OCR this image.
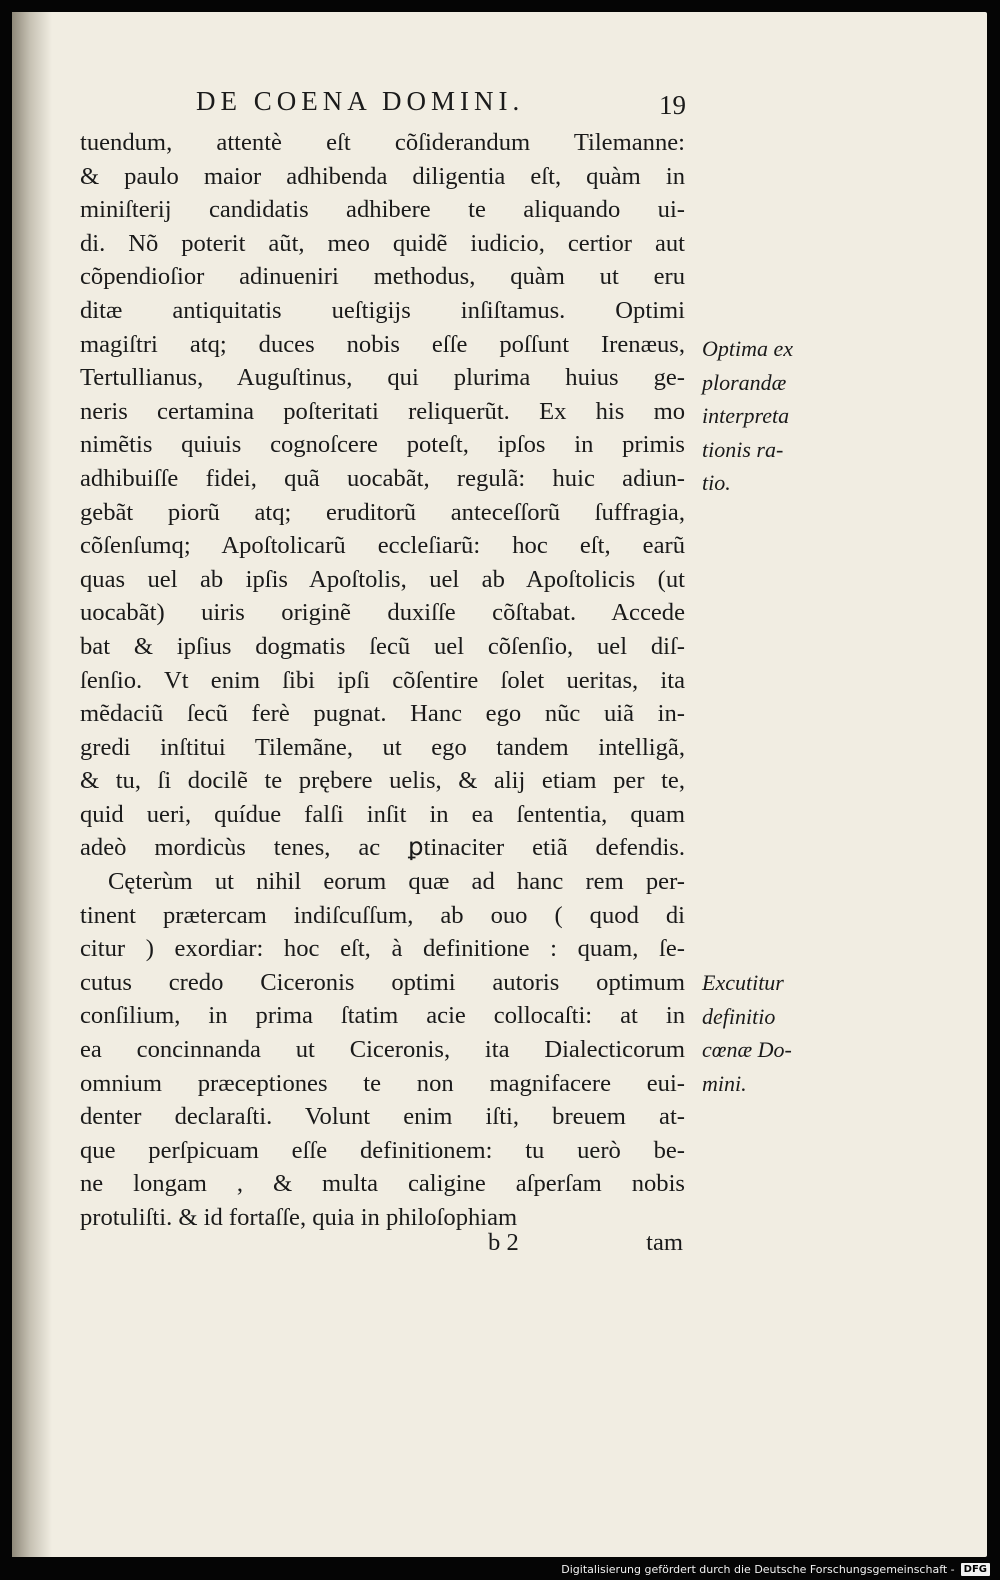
DE COENA DOMINI.	19
tuendum, attentè eſt cõſiderandum Tilemanne:
& paulo maior adhibenda diligentia eſt, quàm in
miniſterij candidatis adhibere te aliquando ui-
di. Nõ poterit aũt, meo quidẽ iudicio, certior aut
cõpendioſior adinueniri methodus, quàm ut eru
ditæ antiquitatis ueſtigijs inſiſtamus. Optimi
magiſtri atq; duces nobis eſſe poſſunt Irenæus,
Tertullianus, Auguſtinus, qui plurima huius ge-
neris certamina poſteritati reliquerũt. Ex his mo
nimẽtis quiuis cognoſcere poteſt, ipſos in primis
adhibuiſſe fidei, quã uocabãt, regulã: huic adiun-
gebãt piorũ atq; eruditorũ anteceſſorũ ſuffragia,
cõſenſumq; Apoſtolicarũ eccleſiarũ: hoc eſt, earũ
quas uel ab ipſis Apoſtolis, uel ab Apoſtolicis (ut
uocabãt) uiris originẽ duxiſſe cõſtabat. Accede
bat & ipſius dogmatis ſecũ uel cõſenſio, uel diſ-
ſenſio. Vt enim ſibi ipſi cõſentire ſolet ueritas, ita
mẽdaciũ ſecũ ferè pugnat. Hanc ego nũc uiã in-
gredi inſtitui Tilemãne, ut ego tandem intelligã,
& tu, ſi docilẽ te prębere uelis, & alij etiam per te,
quid ueri, quídue falſi inſit in ea ſententia, quam
adeò mordicùs tenes, ac ꝑtinaciter etiã defendis.
Cęterùm ut nihil eorum quæ ad hanc rem per-
tinent prætercam indiſcuſſum, ab ouo ( quod di
citur ) exordiar: hoc eſt, à definitione : quam, ſe-
cutus credo Ciceronis optimi autoris optimum
conſilium, in prima ſtatim acie collocaſti: at in
ea concinnanda ut Ciceronis, ita Dialecticorum
omnium præceptiones te non magnifacere eui-
denter declaraſti. Volunt enim iſti, breuem at-
que perſpicuam eſſe definitionem: tu uerò be-
ne longam , & multa caligine aſperſam nobis
protuliſti. & id fortaſſe, quia in philoſophiam
Optima ex
plorandæ
interpreta
tionis ra-
tio.
Excutitur
definitio
cœnæ Do-
mini.
b 2	tam
Digitalisierung gefördert durch die Deutsche Forschungsgemeinschaft - DFG
